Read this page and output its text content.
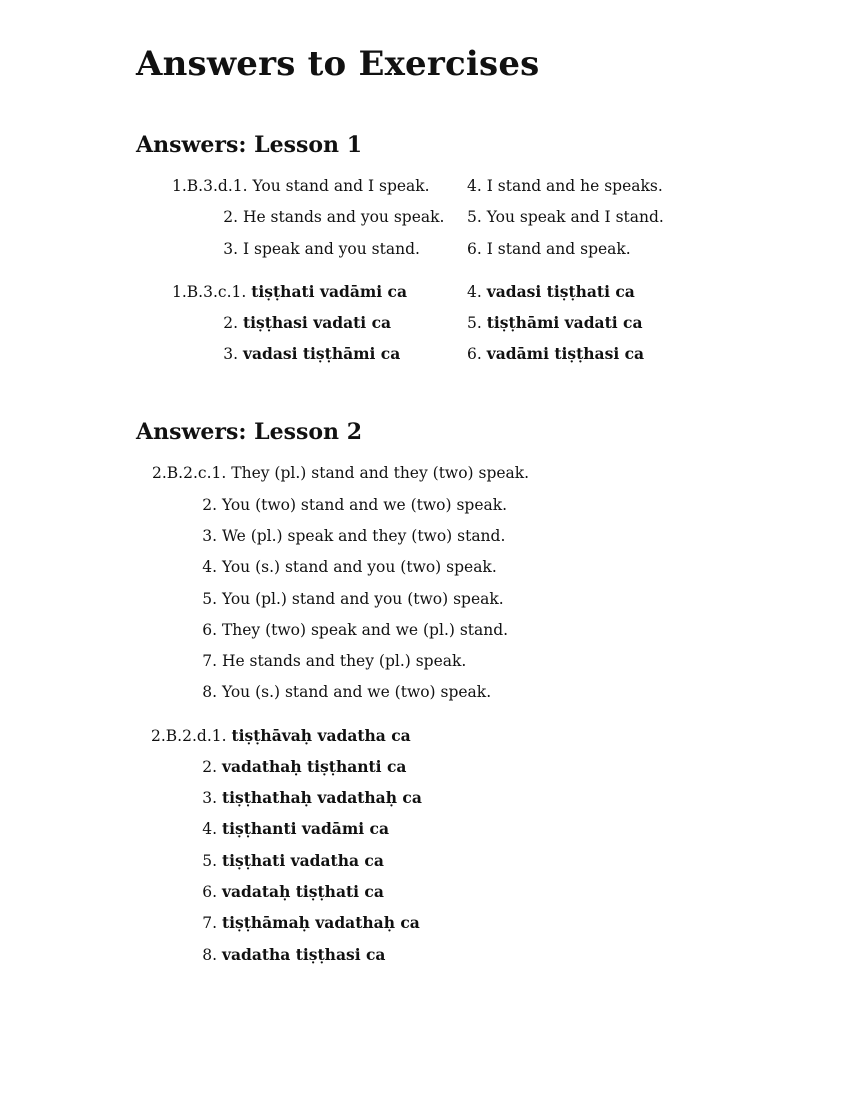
Answers to Exercises
Answers: Lesson 1
1.B.3.d.1. You stand and I speak.
2. He stands and you speak.
3. I speak and you stand.
4. I stand and he speaks.
5. You speak and I stand.
6. I stand and speak.
1.B.3.c.1. tiṣṭhati vadāmi ca
2. tiṣṭhasi vadati ca
3. vadasi tiṣṭhāmi ca
4. vadasi tiṣṭhati ca
5. tiṣṭhāmi vadati ca
6. vadāmi tiṣṭhasi ca
Answers: Lesson 2
2.B.2.c.1. They (pl.) stand and they (two) speak.
2. You (two) stand and we (two) speak.
3. We (pl.) speak and they (two) stand.
4. You (s.) stand and you (two) speak.
5. You (pl.) stand and you (two) speak.
6. They (two) speak and we (pl.) stand.
7. He stands and they (pl.) speak.
8. You (s.) stand and we (two) speak.
2.B.2.d.1. tiṣṭhāvaḥ vadatha ca
2. vadathaḥ tiṣṭhanti ca
3. tiṣṭhathaḥ vadathaḥ ca
4. tiṣṭhanti vadāmi ca
5. tiṣṭhati vadatha ca
6. vadataḥ tiṣṭhati ca
7. tiṣṭhāmaḥ vadathaḥ ca
8. vadatha tiṣṭhasi ca
